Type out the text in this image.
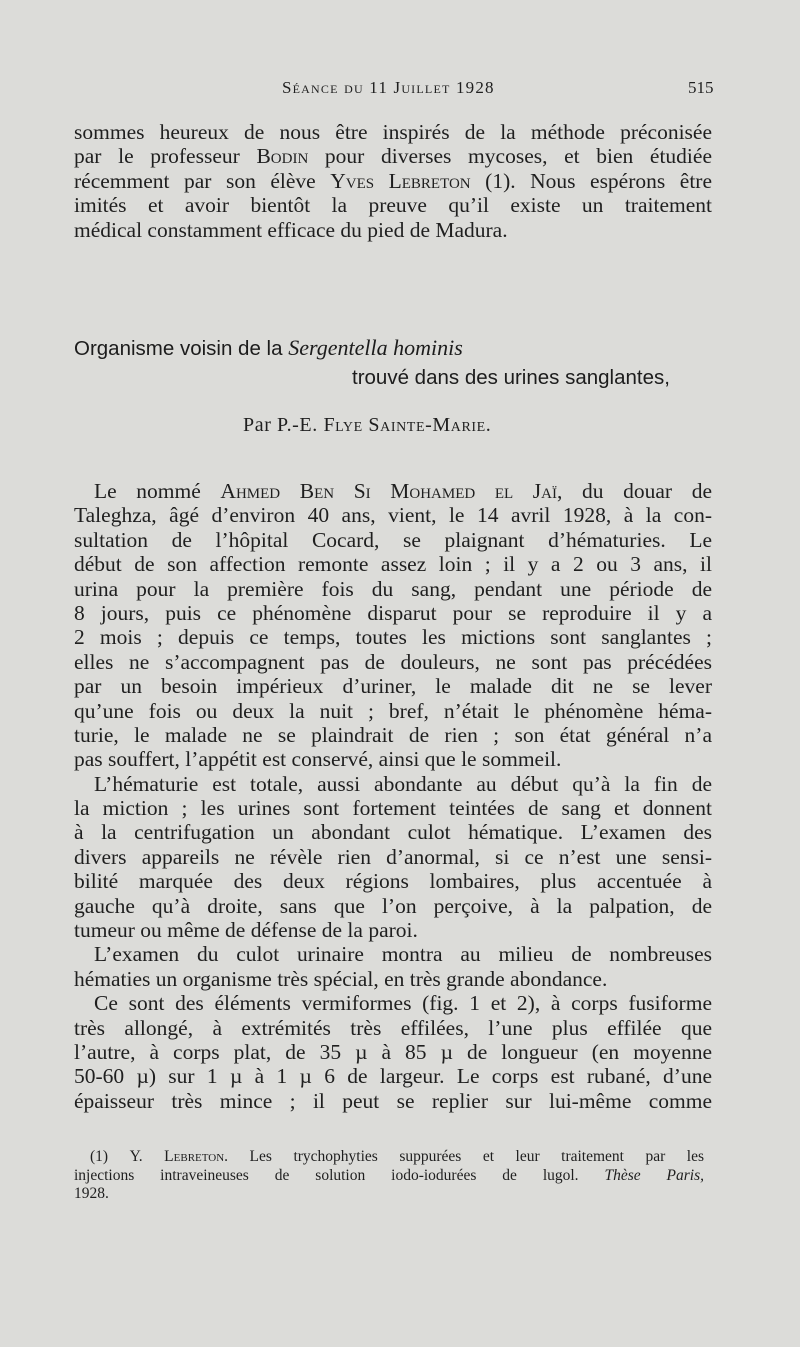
Séance du 11 Juillet 1928	515
sommes heureux de nous être inspirés de la méthode préconisée
par le professeur Bodin pour diverses mycoses, et bien étudiée
récemment par son élève Yves Lebreton (1). Nous espérons être
imités et avoir bientôt la preuve qu’il existe un traitement
médical constamment efficace du pied de Madura.
Organisme voisin de la Sergentella hominis
trouvé dans des urines sanglantes,
Par P.-E. Flye Sainte-Marie.
Le nommé Ahmed Ben Si Mohamed el Jaï, du douar de
Taleghza, âgé d’environ 40 ans, vient, le 14 avril 1928, à la con-
sultation de l’hôpital Cocard, se plaignant d’hématuries. Le
début de son affection remonte assez loin ; il y a 2 ou 3 ans, il
urina pour la première fois du sang, pendant une période de
8 jours, puis ce phénomène disparut pour se reproduire il y a
2 mois ; depuis ce temps, toutes les mictions sont sanglantes ;
elles ne s’accompagnent pas de douleurs, ne sont pas précédées
par un besoin impérieux d’uriner, le malade dit ne se lever
qu’une fois ou deux la nuit ; bref, n’était le phénomène héma-
turie, le malade ne se plaindrait de rien ; son état général n’a
pas souffert, l’appétit est conservé, ainsi que le sommeil.
L’hématurie est totale, aussi abondante au début qu’à la fin de
la miction ; les urines sont fortement teintées de sang et donnent
à la centrifugation un abondant culot hématique. L’examen des
divers appareils ne révèle rien d’anormal, si ce n’est une sensi-
bilité marquée des deux régions lombaires, plus accentuée à
gauche qu’à droite, sans que l’on perçoive, à la palpation, de
tumeur ou même de défense de la paroi.
L’examen du culot urinaire montra au milieu de nombreuses
hématies un organisme très spécial, en très grande abondance.
Ce sont des éléments vermiformes (fig. 1 et 2), à corps fusiforme
très allongé, à extrémités très effilées, l’une plus effilée que
l’autre, à corps plat, de 35 µ à 85 µ de longueur (en moyenne
50-60 µ) sur 1 µ à 1 µ 6 de largeur. Le corps est rubané, d’une
épaisseur très mince ; il peut se replier sur lui-même comme
(1) Y. Lebreton. Les trychophyties suppurées et leur traitement par les
injections intraveineuses de solution iodo-iodurées de lugol. Thèse Paris,
1928.
